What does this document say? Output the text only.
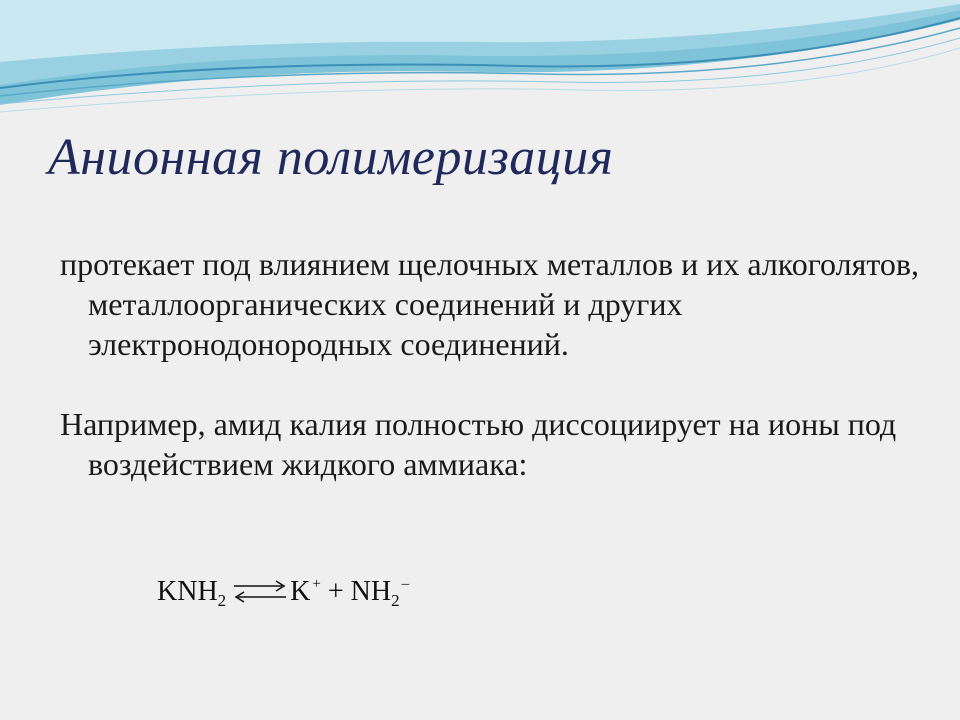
Анионная полимеризация
протекает под влиянием щелочных металлов и их алкоголятов, металлоорганических соединений и других электронодонородных соединений.
Например, амид калия полностью диссоциирует на ионы под воздействием жидкого аммиака:
KNH 2 ⇌ K + + NH 2
–
